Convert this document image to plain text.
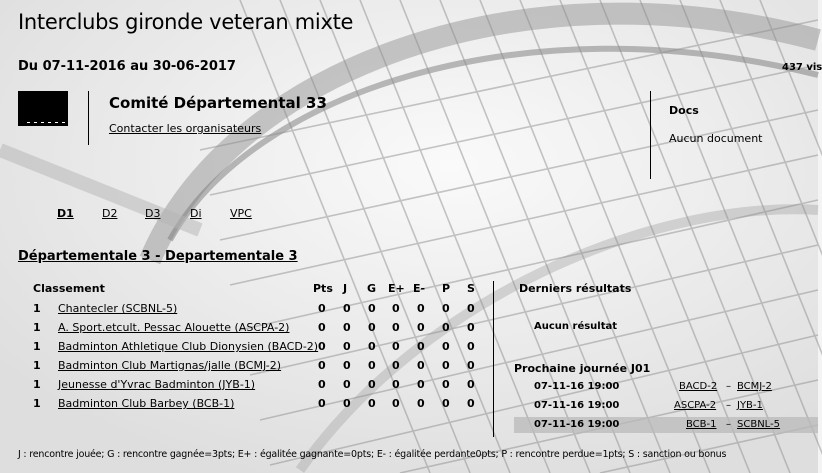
Interclubs gironde veteran mixte
Du 07-11-2016 au 30-06-2017	437 vis
Comité Départemental 33
Contacter les organisateurs
Docs
Aucun document
D1	D2	D3	Di	VPC
Départementale 3 - Departementale 3
Classement	Pts J G E+ E- P S
1 Chantecler (SCBNL-5)	0 0 0 0 0 0 0
1 A. Sport.etcult. Pessac Alouette (ASCPA-2)	0 0 0 0 0 0 0
1 Badminton Athletique Club Dionysien (BACD-2) 0 0 0 0 0 0 0
1 Badminton Club Martignas/jalle (BCMJ-2)	0 0 0 0 0 0 0
1 Jeunesse d'Yvrac Badminton (JYB-1)	0 0 0 0 0 0 0
1 Badminton Club Barbey (BCB-1)	0 0 0 0 0 0 0
Derniers résultats
Aucun résultat
Prochaine journée J01
07-11-16 19:00	BACD-2 – BCMJ-2
07-11-16 19:00	ASCPA-2 – JYB-1
07-11-16 19:00	BCB-1 – SCBNL-5
J : rencontre jouée; G : rencontre gagnée=3pts; E+ : égalitée gagnante=0pts; E- : égalitée perdante0pts; P : rencontre perdue=1pts; S : sanction ou bonus
